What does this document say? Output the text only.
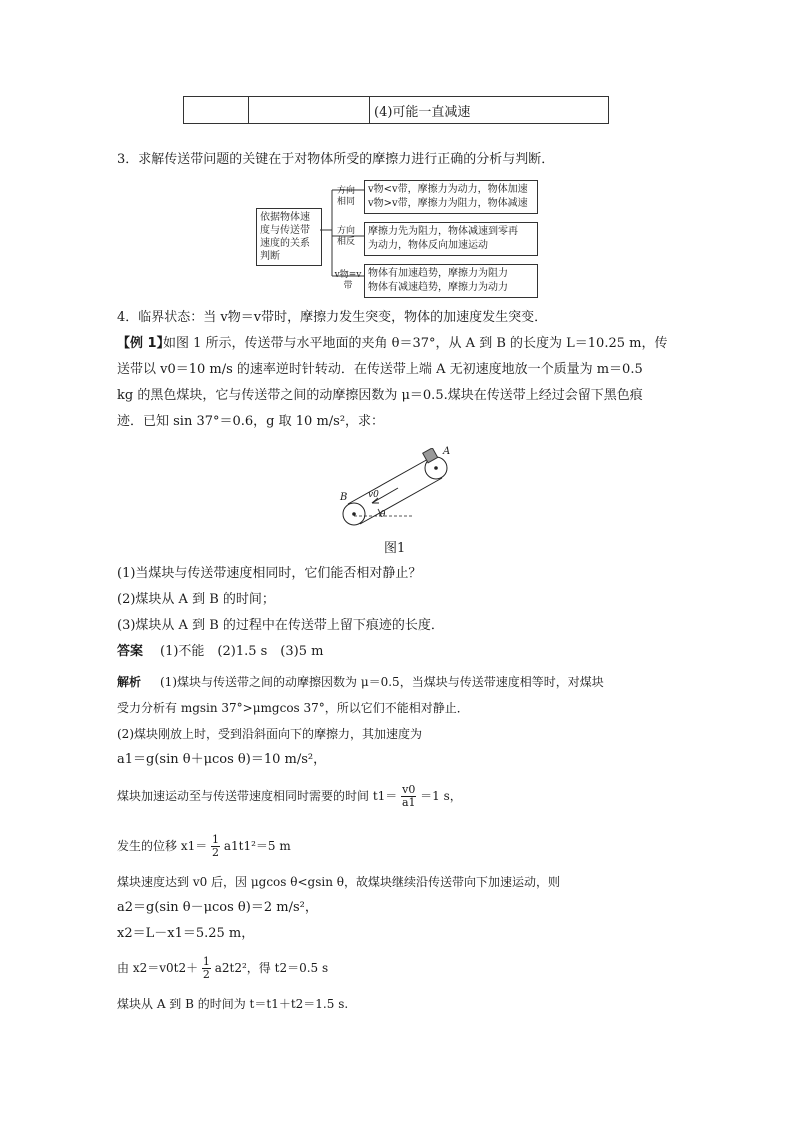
		(4)可能一直减速
3．求解传送带问题的关键在于对物体所受的摩擦力进行正确的分析与判断．
依据物体速度与传送带速度的关系判断
方向相同
方向相反
v物=v带
v物<v带，摩擦力为动力，物体加速
v物>v带，摩擦力为阻力，物体减速
摩擦力先为阻力，物体减速到零再
为动力，物体反向加速运动
物体有加速趋势，摩擦力为阻力
物体有减速趋势，摩擦力为动力
4．临界状态：当 v物＝v带时，摩擦力发生突变，物体的加速度发生突变．
【例 1】
如图 1 所示，传送带与水平地面的夹角 θ＝37°，从 A 到 B 的长度为 L＝10.25 m，传
送带以 v0＝10 m/s 的速率逆时针转动．在传送带上端 A 无初速度地放一个质量为 m＝0.5
kg 的黑色煤块，它与传送带之间的动摩擦因数为 μ＝0.5.煤块在传送带上经过会留下黑色痕
迹．已知 sin 37°＝0.6，g 取 10 m/s²，求：
A
B v0
θ
图1
(1)当煤块与传送带速度相同时，它们能否相对静止？
(2)煤块从 A 到 B 的时间；
(3)煤块从 A 到 B 的过程中在传送带上留下痕迹的长度．
答案 (1)不能　(2)1.5 s　(3)5 m
解析 (1)煤块与传送带之间的动摩擦因数为 μ＝0.5，当煤块与传送带速度相等时，对煤块
受力分析有 mgsin 37°>μmgcos 37°，所以它们不能相对静止．
(2)煤块刚放上时，受到沿斜面向下的摩擦力，其加速度为
a1＝g(sin θ＋μcos θ)＝10 m/s²，
煤块加速运动至与传送带速度相同时需要的时间 $t1= \frac{v0}{a1} =1$ s，
发生的位移 $x1= \frac{1}{2} a1t1^2=5$ m
煤块速度达到 v0 后，因 μgcos θ<gsin θ，故煤块继续沿传送带向下加速运动，则
a2＝g(sin θ－μcos θ)＝2 m/s²，
x2＝L－x1＝5.25 m，
由 $x2=v0t2+ \frac{1}{2} a2t2^2$，得 t2＝0.5 s
煤块从 A 到 B 的时间为 t＝t1＋t2＝1.5 s.
